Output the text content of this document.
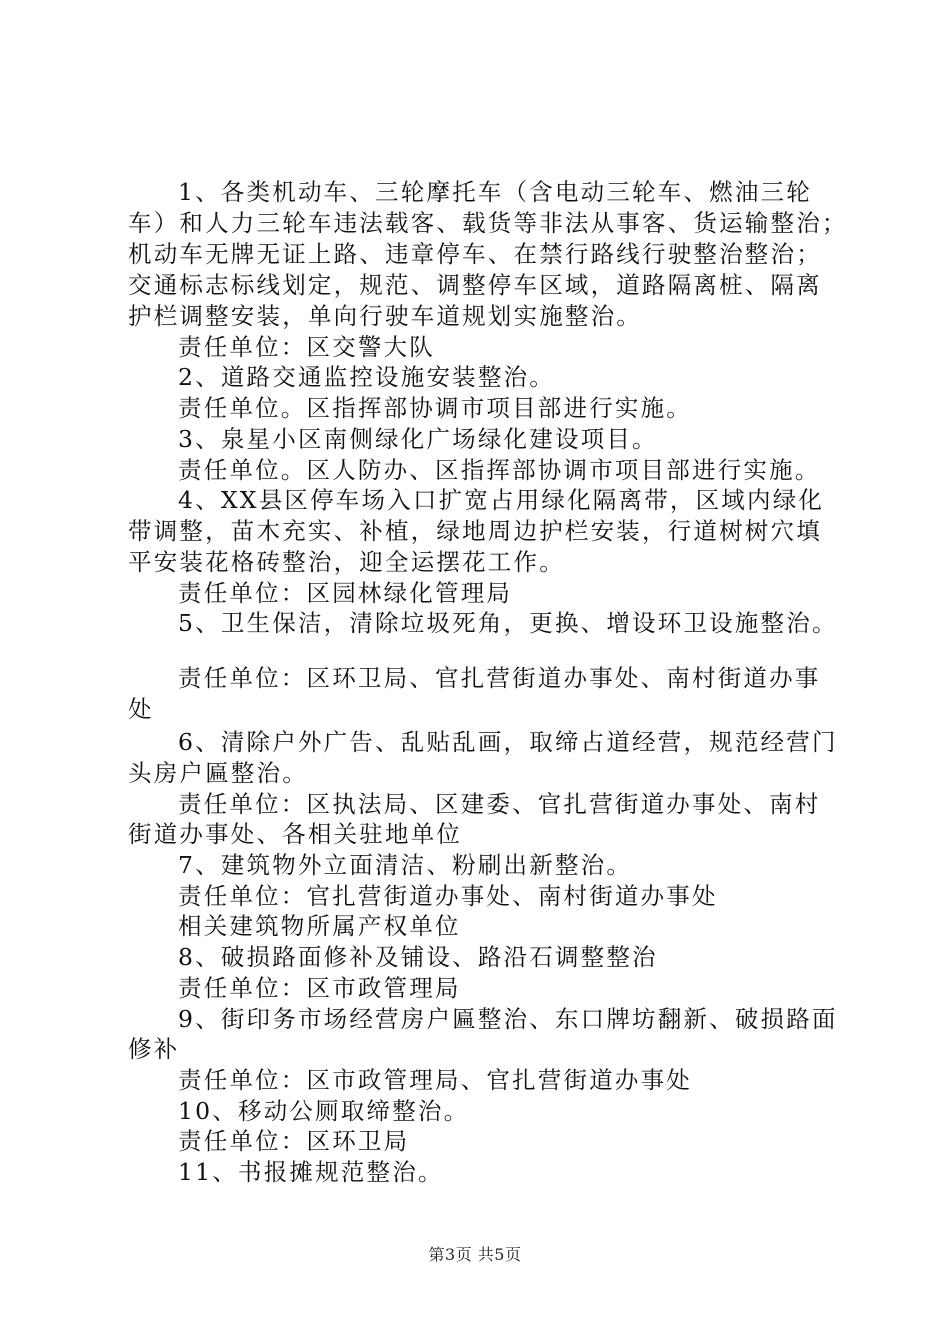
1、各类机动车、三轮摩托车（含电动三轮车、燃油三轮
车）和人力三轮车违法载客、载货等非法从事客、货运输整治；
机动车无牌无证上路、违章停车、在禁行路线行驶整治整治；
交通标志标线划定，规范、调整停车区域，道路隔离桩、隔离
护栏调整安装，单向行驶车道规划实施整治。
责任单位：区交警大队
2、道路交通监控设施安装整治。
责任单位。区指挥部协调市项目部进行实施。
3、泉星小区南侧绿化广场绿化建设项目。
责任单位。区人防办、区指挥部协调市项目部进行实施。
4、XX县区停车场入口扩宽占用绿化隔离带，区域内绿化
带调整，苗木充实、补植，绿地周边护栏安装，行道树树穴填
平安装花格砖整治，迎全运摆花工作。
责任单位：区园林绿化管理局
5、卫生保洁，清除垃圾死角，更换、增设环卫设施整治。
责任单位：区环卫局、官扎营街道办事处、南村街道办事
处
6、清除户外广告、乱贴乱画，取缔占道经营，规范经营门
头房户匾整治。
责任单位：区执法局、区建委、官扎营街道办事处、南村
街道办事处、各相关驻地单位
7、建筑物外立面清洁、粉刷出新整治。
责任单位：官扎营街道办事处、南村街道办事处
相关建筑物所属产权单位
8、破损路面修补及铺设、路沿石调整整治
责任单位：区市政管理局
9、街印务市场经营房户匾整治、东口牌坊翻新、破损路面
修补
责任单位：区市政管理局、官扎营街道办事处
10、移动公厕取缔整治。
责任单位：区环卫局
11、书报摊规范整治。
第3页 共5页
